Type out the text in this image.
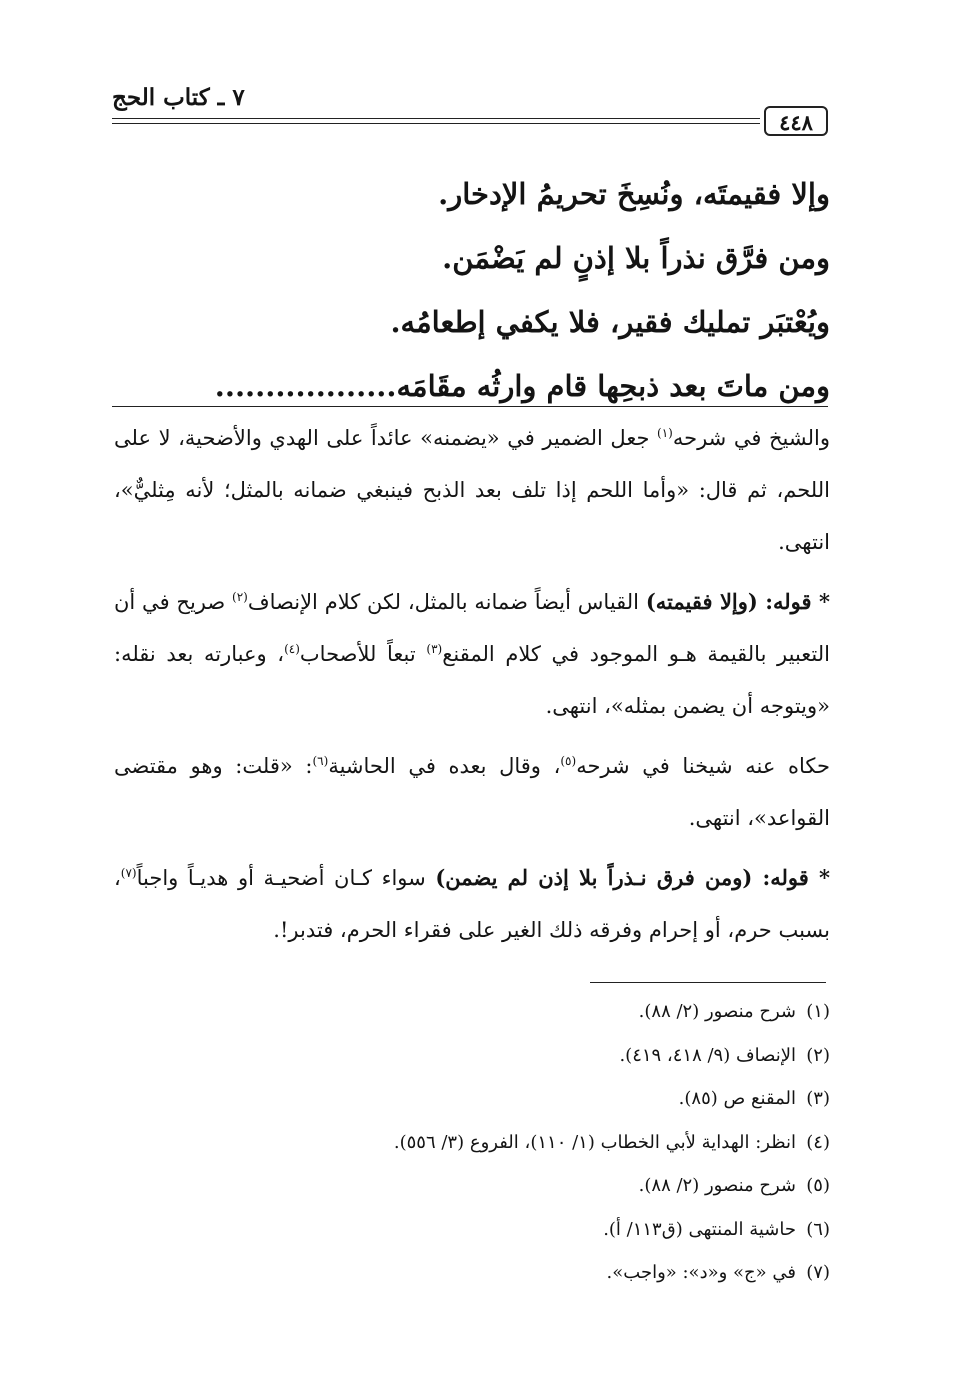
٧ ـ كتاب الحج
٤٤٨
وإلا فقيمتَه، ونُسِخَ تحريمُ الإدخار.
ومن فرَّق نذراً بلا إذنٍ لم يَضْمَن.
ويُعْتبَر تمليك فقير، فلا يكفي إطعامُه.
ومن ماتَ بعد ذبحِها قام وارثُه مقَامَه..................

والشيخ في شرحه$^{(١)}$ جعل الضمير في «يضمنه» عائداً على الهدي والأضحية، لا على اللحم، ثم قال: «وأما اللحم إذا تلف بعد الذبح فينبغي ضمانه بالمثل؛ لأنه مِثليٌّ»، انتهى.

* قوله: (وإلا فقيمته) القياس أيضاً ضمانه بالمثل، لكن كلام الإنصاف$^{(٢)}$ صريح في أن التعبير بالقيمة هـو الموجود في كلام المقنع$^{(٣)}$ تبعاً للأصحاب$^{(٤)}$، وعبارته بعد نقله: «ويتوجه أن يضمن بمثله»، انتهى.

حكاه عنه شيخنا في شرحه$^{(٥)}$، وقال بعده في الحاشية$^{(٦)}$: «قلت: وهو مقتضى القواعد»، انتهى.

* قوله: (ومن فرق نـذراً بلا إذن لم يضمن) سواء كـان أضحيـة أو هديـاً واجباً$^{(٧)}$، بسبب حرم، أو إحرام وفرقه ذلك الغير على فقراء الحرم، فتدبر!.

(١)شرح منصور (٢/ ٨٨).
(٢)الإنصاف (٩/ ٤١٨، ٤١٩).
(٣)المقنع ص (٨٥).
(٤)انظر: الهداية لأبي الخطاب (١/ ١١٠)، الفروع (٣/ ٥٥٦).
(٥)شرح منصور (٢/ ٨٨).
(٦)حاشية المنتهى (ق١١٣/ أ).
(٧)في «ج» و«د»: «واجب».
